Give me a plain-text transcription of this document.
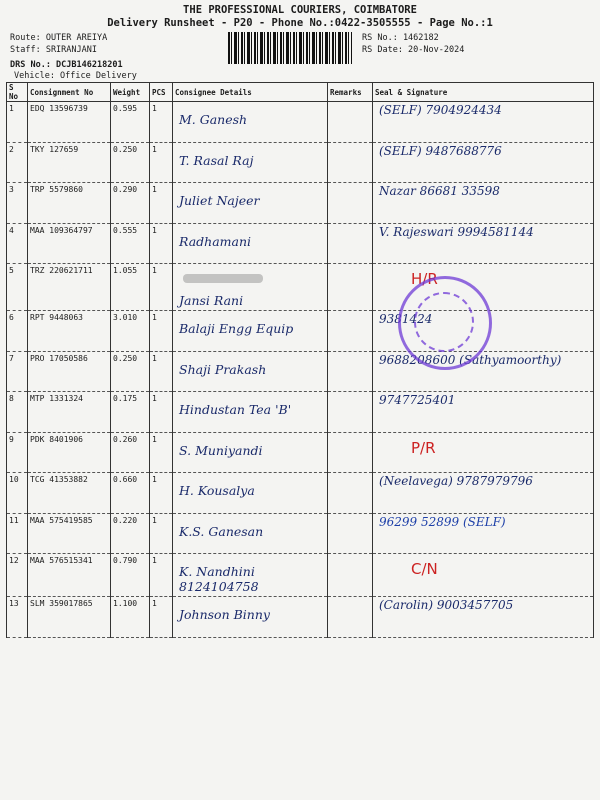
THE PROFESSIONAL COURIERS, COIMBATORE
Delivery Runsheet - P20 - Phone No.:0422-3505555 - Page No.:1
Route: OUTER AREIYA
Staff: SRIRANJANI
DRS No.: DCJB146218201
Vehicle: Office Delivery
RS No.: 1462182
RS Date: 20-Nov-2024
S No	Consignment No	Weight	PCS	Consignee Details	Remarks	Seal & Signature
1	EDQ 13596739	0.595	1	M. Ganesh		(SELF) 7904924434

2	TKY 127659	0.250	1	T. Rasal Raj		(SELF) 9487688776

3	TRP 5579860	0.290	1	Juliet Najeer		Nazar 86681 33598

4	MAA 109364797	0.555	1	Radhamani		V. Rajeswari 9994581144

5	TRZ 220621711	1.055	1	Jansi Rani		H/R

6	RPT 9448063	3.010	1	Balaji Engg Equip		9381424

7	PRO 17050586	0.250	1	Shaji Prakash		9688208600 (Sathyamoorthy)

8	MTP 1331324	0.175	1	Hindustan Tea 'B'		9747725401

9	PDK 8401906	0.260	1	S. Muniyandi		P/R

10	TCG 41353882	0.660	1	H. Kousalya		(Neelavega) 9787979796

11	MAA 575419585	0.220	1	K.S. Ganesan		96299 52899 (SELF)

12	MAA 576515341	0.790	1	K. Nandhini 8124104758		C/N

13	SLM 359017865	1.100	1	Johnson Binny		(Carolin) 9003457705
